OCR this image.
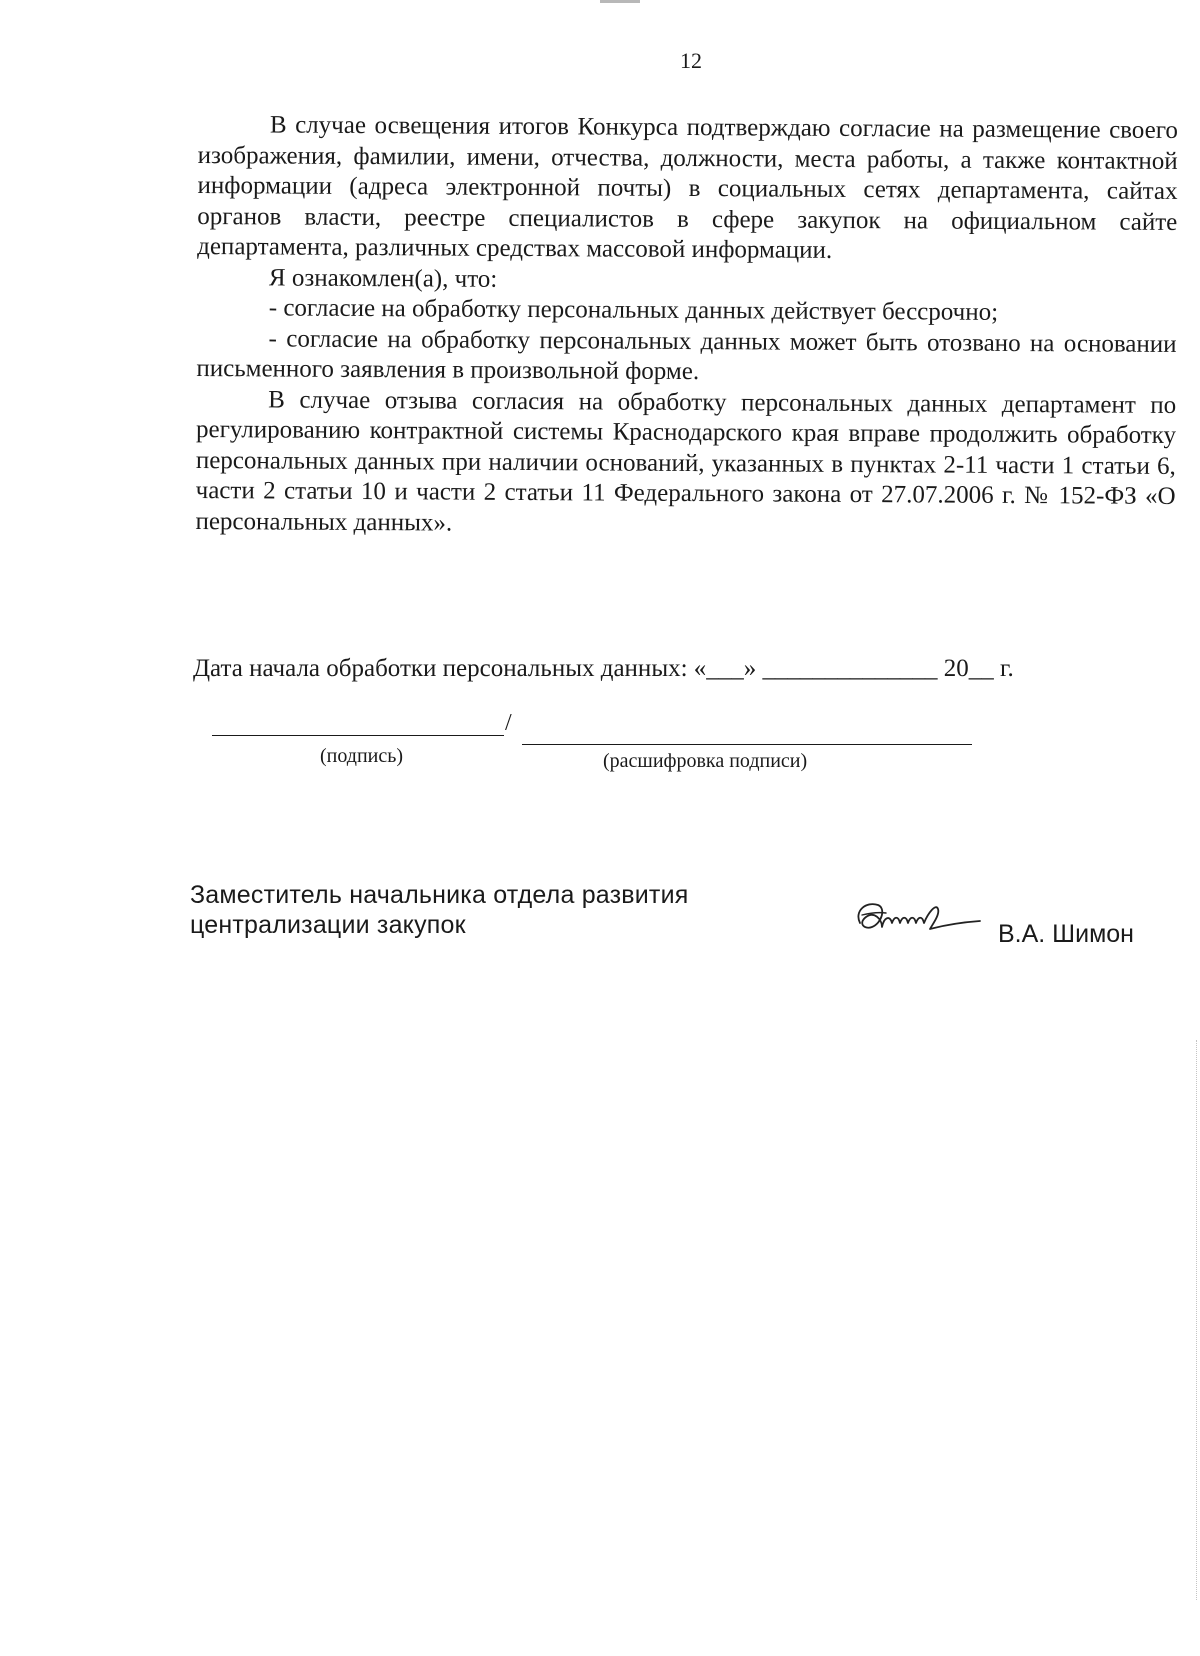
12

В случае освещения итогов Конкурса подтверждаю согласие на размещение своего изображения, фамилии, имени, отчества, должности, места работы, а также контактной информации (адреса электронной почты) в социальных сетях департамента, сайтах органов власти, реестре специалистов в сфере закупок на официальном сайте департамента, различных средствах массовой информации.

Я ознакомлен(а), что:

- согласие на обработку персональных данных действует бессрочно;

- согласие на обработку персональных данных может быть отозвано на основании письменного заявления в произвольной форме.

В случае отзыва согласия на обработку персональных данных департамент по регулированию контрактной системы Краснодарского края вправе продолжить обработку персональных данных при наличии оснований, указанных в пунктах 2-11 части 1 статьи 6, части 2 статьи 10 и части 2 статьи 11 Федерального закона от 27.07.2006 г. № 152-ФЗ «О персональных данных».

Дата начала обработки персональных данных: «___» ______________ 20__ г.
/
(подпись)	(расшифровка подписи)
Заместитель начальника отдела развития
централизации закупок	В.А. Шимон
